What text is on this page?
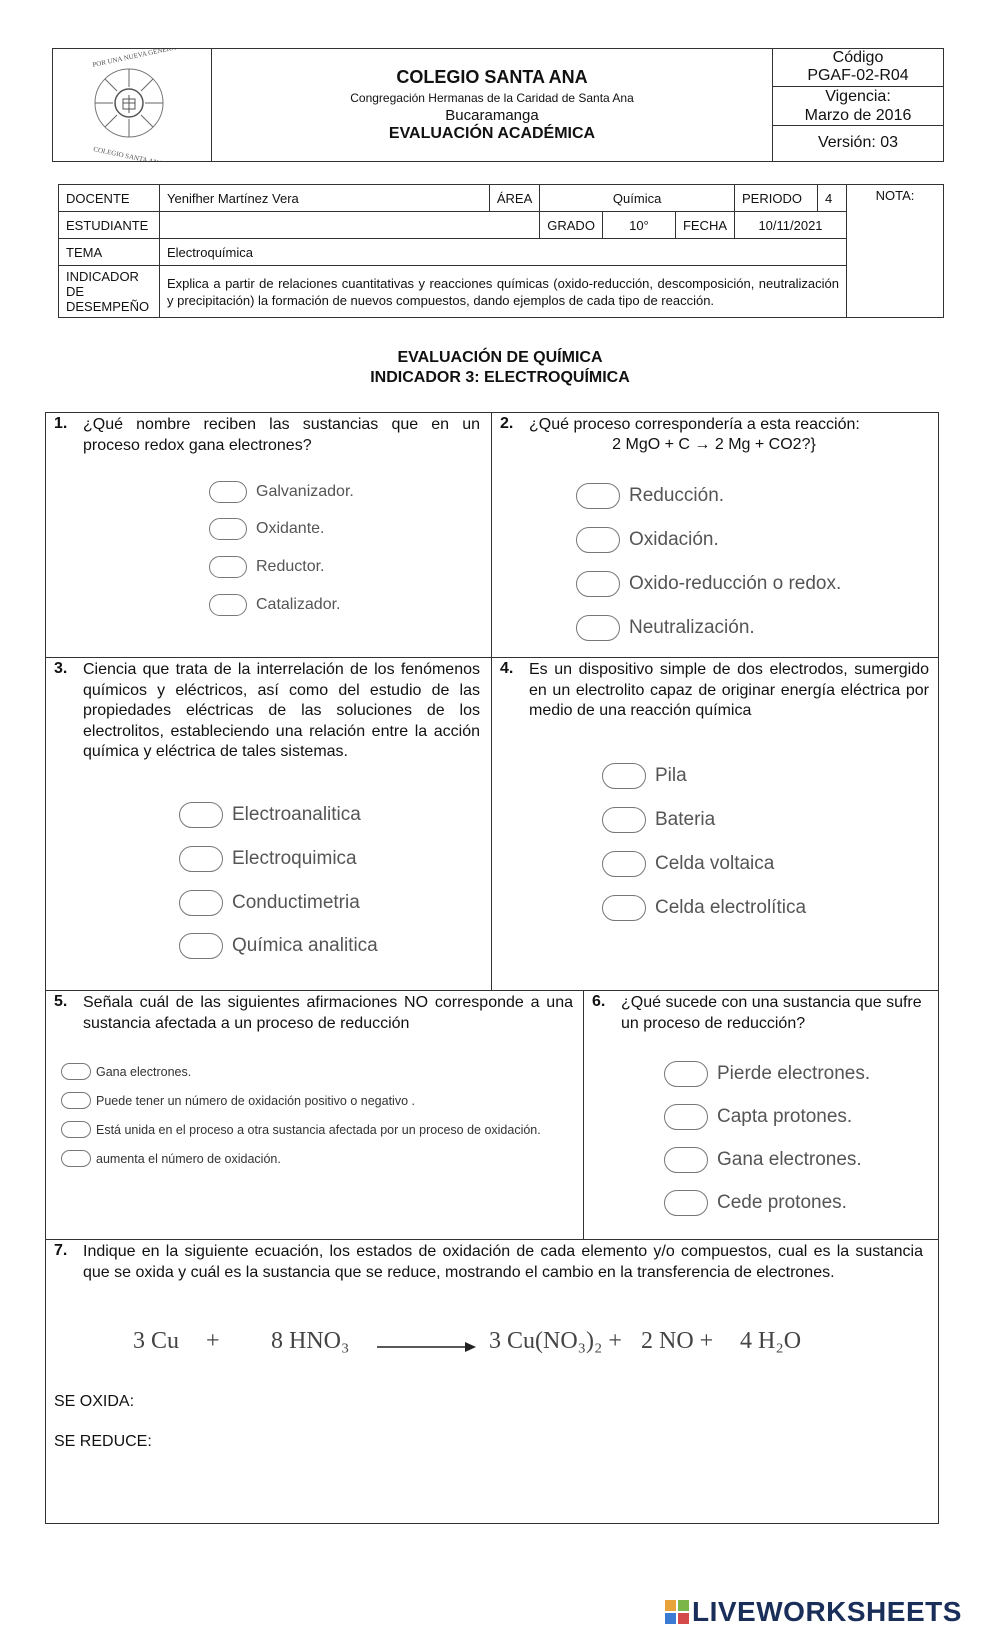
POR UNA NUEVA GENERACIÓN
COLEGIO SANTA ANA
COLEGIO SANTA ANA
Congregación Hermanas de la Caridad de Santa Ana
Bucaramanga
EVALUACIÓN ACADÉMICA
Código
PGAF-02-R04
Vigencia:
Marzo de 2016
Versión: 03
DOCENTE	Yenifher Martínez Vera	ÁREA	Química			PERIODO	4	NOTA:
ESTUDIANTE			GRADO	10°	FECHA	10/11/2021		
TEMA	Electroquímica							
INDICADOR DE DESEMPEÑO	Explica a partir de relaciones cuantitativas y reacciones químicas (oxido-reducción, descomposición, neutralización y precipitación) la formación de nuevos compuestos, dando ejemplos de cada tipo de reacción.							
EVALUACIÓN DE QUÍMICA
INDICADOR 3: ELECTROQUÍMICA
1. ¿Qué nombre reciben las sustancias que en un proceso redox gana electrones?
Galvanizador.
Oxidante.
Reductor.
Catalizador.
2. ¿Qué proceso correspondería a esta reacción:
2 MgO + C → 2 Mg + CO2?}
Reducción.
Oxidación.
Oxido-reducción o redox.
Neutralización.
3. Ciencia que trata de la interrelación de los fenómenos químicos y eléctricos, así como del estudio de las propiedades eléctricas de las soluciones de los electrolitos, estableciendo una relación entre la acción química y eléctrica de tales sistemas.
Electroanalitica
Electroquimica
Conductimetria
Química analitica
4. Es un dispositivo simple de dos electrodos, sumergido en un electrolito capaz de originar energía eléctrica por medio de una reacción química
Pila
Bateria
Celda voltaica
Celda electrolítica
5. Señala cuál de las siguientes afirmaciones NO corresponde a una sustancia afectada a un proceso de reducción
Gana electrones.
Puede tener un número de oxidación positivo o negativo .
Está unida en el proceso a otra sustancia afectada por un proceso de oxidación.
aumenta el número de oxidación.
6. ¿Qué sucede con una sustancia que sufre un proceso de reducción?
Pierde electrones.
Capta protones.
Gana electrones.
Cede protones.
7. Indique en la siguiente ecuación, los estados de oxidación de cada elemento y/o compuestos, cual es la sustancia que se oxida y cuál es la sustancia que se reduce, mostrando el cambio en la transferencia de electrones.
3 Cu + 8 HNO₃	3 Cu(NO₃)₂ + 2 NO + 4 H₂O
SE OXIDA:
SE REDUCE:
LIVEWORKSHEETS
